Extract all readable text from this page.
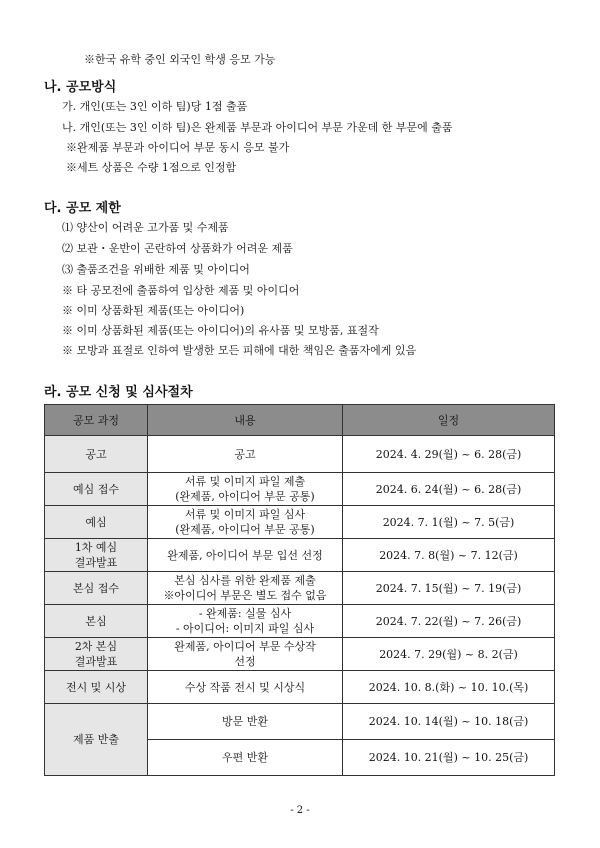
※한국 유학 중인 외국인 학생 응모 가능
나. 공모방식
가. 개인(또는 3인 이하 팀)당 1점 출품
나. 개인(또는 3인 이하 팀)은 완제품 부문과 아이디어 부문 가운데 한 부문에 출품
※완제품 부문과 아이디어 부문 동시 응모 불가
※세트 상품은 수량 1점으로 인정함
다. 공모 제한
⑴ 양산이 어려운 고가품 및 수제품
⑵ 보관・운반이 곤란하여 상품화가 어려운 제품
⑶ 출품조건을 위배한 제품 및 아이디어
※ 타 공모전에 출품하여 입상한 제품 및 아이디어
※ 이미 상품화된 제품(또는 아이디어)
※ 이미 상품화된 제품(또는 아이디어)의 유사품 및 모방품, 표절작
※ 모방과 표절로 인하여 발생한 모든 피해에 대한 책임은 출품자에게 있음
라. 공모 신청 및 심사절차
공모 과정	내용	일정
공고	공고	2024. 4. 29(월) ~ 6. 28(금)
예심 접수	서류 및 이미지 파일 제출
(완제품, 아이디어 부문 공통)	2024. 6. 24(월) ~ 6. 28(금)
예심	서류 및 이미지 파일 심사
(완제품, 아이디어 부문 공통)	2024. 7. 1(월) ~ 7. 5(금)
1차 예심
결과발표	완제품, 아이디어 부문 입선 선정	2024. 7. 8(월) ~ 7. 12(금)
본심 접수	본심 심사를 위한 완제품 제출
※아이디어 부문은 별도 접수 없음	2024. 7. 15(월) ~ 7. 19(금)
본심	- 완제품: 실물 심사
- 아이디어: 이미지 파일 심사	2024. 7. 22(월) ~ 7. 26(금)
2차 본심
결과발표	완제품, 아이디어 부문 수상작
선정	2024. 7. 29(월) ~ 8. 2(금)
전시 및 시상	수상 작품 전시 및 시상식	2024. 10. 8.(화) ~ 10. 10.(목)
제품 반출	방문 반환	2024. 10. 14(월) ~ 10. 18(금)
	우편 반환	2024. 10. 21(월) ~ 10. 25(금)
- 2 -
